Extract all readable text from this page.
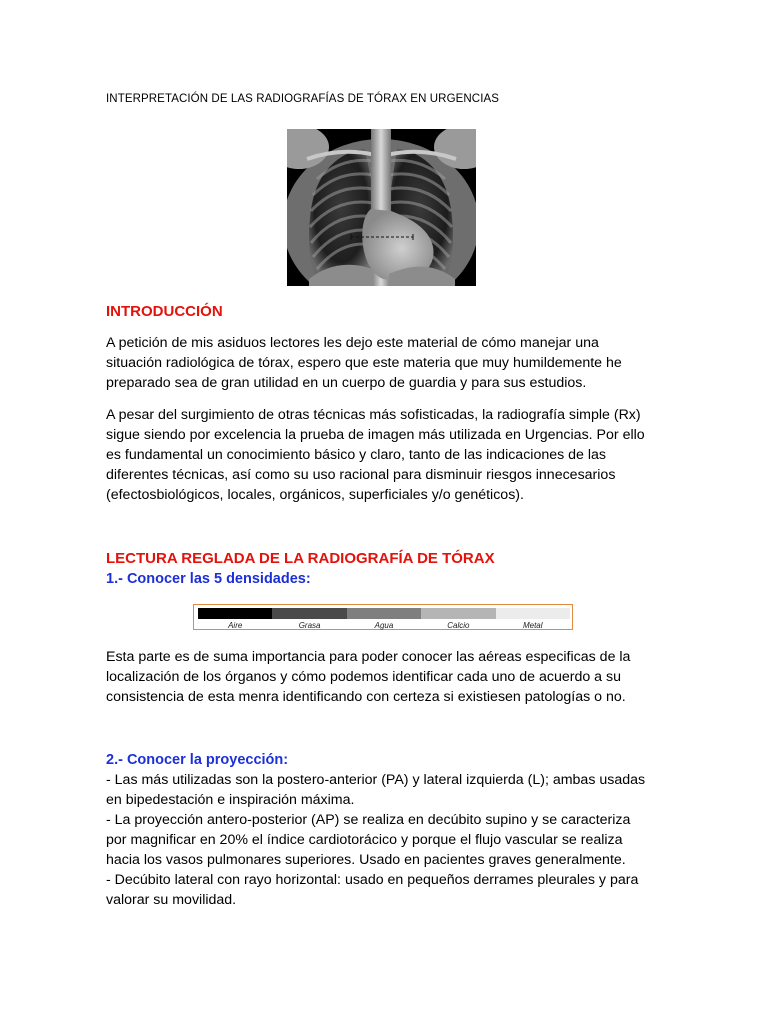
INTERPRETACIÓN DE LAS RADIOGRAFÍAS DE TÓRAX EN URGENCIAS
INTRODUCCIÓN

A petición de mis asiduos lectores les dejo este material de cómo manejar una
situación radiológica de tórax, espero que este materia que muy humildemente he
preparado sea de gran utilidad en un cuerpo de guardia y para sus estudios.

A pesar del surgimiento de otras técnicas más sofisticadas, la radiografía simple (Rx)
sigue siendo por excelencia la prueba de imagen más utilizada en Urgencias. Por ello
es fundamental un conocimiento básico y claro, tanto de las indicaciones de las
diferentes técnicas, así como su uso racional para disminuir riesgos innecesarios
(efectosbiológicos, locales, orgánicos, superficiales y/o genéticos).

LECTURA REGLADA DE LA RADIOGRAFÍA DE TÓRAX
1.- Conocer las 5 densidades:
Aire	Grasa	Agua	Calcio	Metal

Esta parte es de suma importancia para poder conocer las aéreas especificas de la
localización de los órganos y cómo podemos identificar cada uno de acuerdo a su
consistencia de esta menra identificando con certeza si existiesen patologías o no.

2.- Conocer la proyección:

- Las más utilizadas son la postero-anterior (PA) y lateral izquierda (L); ambas usadas
en bipedestación e inspiración máxima.
- La proyección antero-posterior (AP) se realiza en decúbito supino y se caracteriza
por magnificar en 20% el índice cardiotorácico y porque el flujo vascular se realiza
hacia los vasos pulmonares superiores. Usado en pacientes graves generalmente.
- Decúbito lateral con rayo horizontal: usado en pequeños derrames pleurales y para
valorar su movilidad.
